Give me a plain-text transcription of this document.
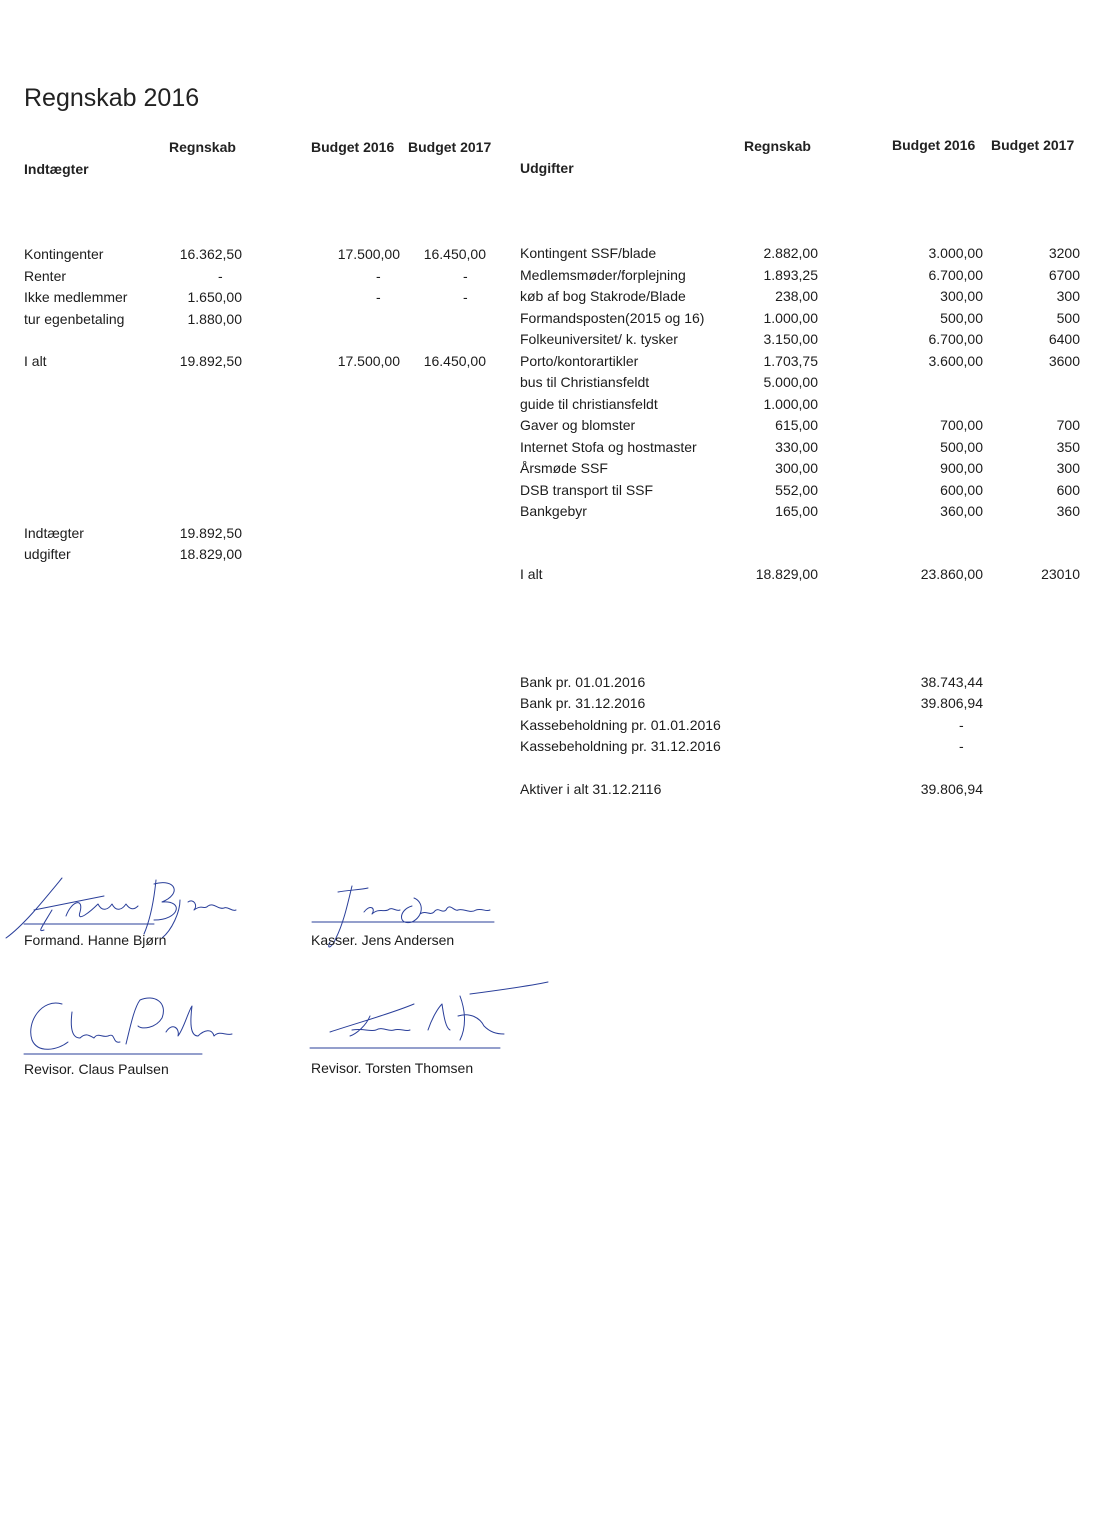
Regnskab 2016
Indtægter
Regnskab	Budget 2016 Budget 2017
Udgifter
Regnskab	Budget 2016 Budget 2017
Kontingenter	16.362,50	17.500,00	16.450,00
Renter	-	-	-
Ikke medlemmer	1.650,00	-	-
tur egenbetaling	1.880,00
I alt	19.892,50	17.500,00	16.450,00
Indtægter	19.892,50
udgifter	18.829,00
Kontingent SSF/blade	2.882,00	3.000,00	3200
Medlemsmøder/forplejning	1.893,25	6.700,00	6700
køb af bog Stakrode/Blade	238,00	300,00	300
Formandsposten(2015 og 16)	1.000,00	500,00	500
Folkeuniversitet/ k. tysker	3.150,00	6.700,00	6400
Porto/kontorartikler	1.703,75	3.600,00	3600
bus til Christiansfeldt	5.000,00
guide til christiansfeldt	1.000,00
Gaver og blomster	615,00	700,00	700
Internet Stofa og hostmaster	330,00	500,00	350
Årsmøde SSF	300,00	900,00	300
DSB transport til SSF	552,00	600,00	600
Bankgebyr	165,00	360,00	360
I alt	18.829,00	23.860,00	23010
Bank pr. 01.01.2016	38.743,44
Bank pr. 31.12.2016	39.806,94
Kassebeholdning pr. 01.01.2016	-
Kassebeholdning pr. 31.12.2016	-
Aktiver i alt 31.12.2116	39.806,94
Formand. Hanne Bjørn	Kasser. Jens Andersen
Revisor. Claus Paulsen	Revisor. Torsten Thomsen
